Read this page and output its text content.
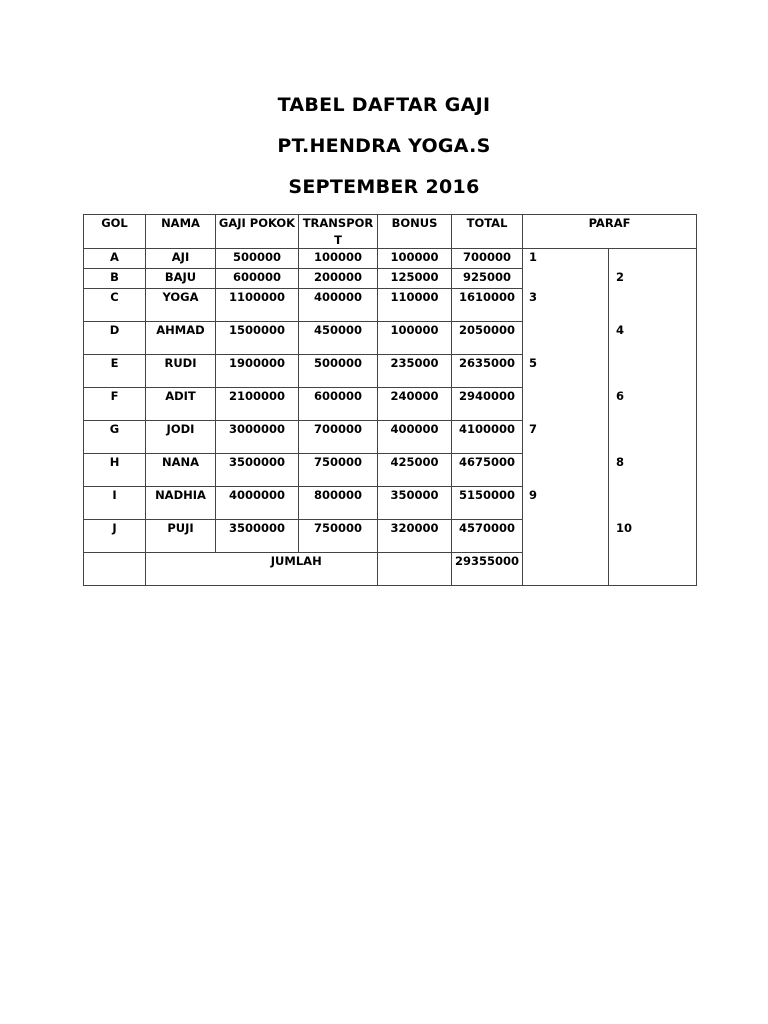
TABEL DAFTAR GAJI
PT.HENDRA YOGA.S
SEPTEMBER 2016
GOL	NAMA	GAJI POKOK	TRANSPORT	BONUS	TOTAL	PARAF	
A	AJI	500000	100000	100000	700000	1	
B	BAJU	600000	200000	125000	925000		2
C	YOGA	1100000	400000	110000	1610000	3	
D	AHMAD	1500000	450000	100000	2050000		4
E	RUDI	1900000	500000	235000	2635000	5	
F	ADIT	2100000	600000	240000	2940000		6
G	JODI	3000000	700000	400000	4100000	7	
H	NANA	3500000	750000	425000	4675000		8
I	NADHIA	4000000	800000	350000	5150000	9	
J	PUJI	3500000	750000	320000	4570000		10
		JUMLAH			29355000		
